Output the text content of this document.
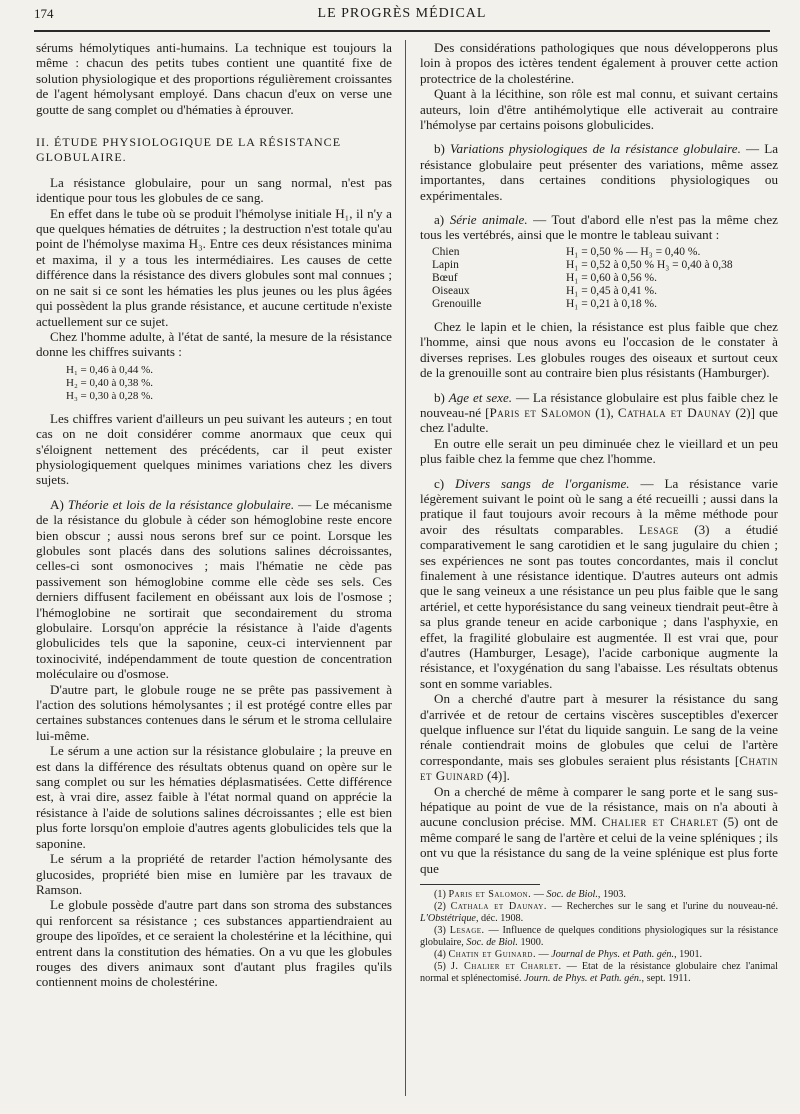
174	LE PROGRÈS MÉDICAL

sérums hémolytiques anti-humains. La technique est toujours la même : chacun des petits tubes contient une quantité fixe de solution physiologique et des proportions régulièrement croissantes de l'agent hémolysant employé. Dans chacun d'eux on verse une goutte de sang complet ou d'hématies à éprouver.

II. ÉTUDE PHYSIOLOGIQUE DE LA RÉSISTANCE GLOBULAIRE.

La résistance globulaire, pour un sang normal, n'est pas identique pour tous les globules de ce sang.

En effet dans le tube où se produit l'hémolyse initiale H₁, il n'y a que quelques hématies de détruites ; la destruction n'est totale qu'au point de l'hémolyse maxima H₃. Entre ces deux résistances minima et maxima, il y a tous les intermédiaires. Les causes de cette différence dans la résistance des divers globules sont mal connues ; on ne sait si ce sont les hématies les plus jeunes ou les plus âgées qui possèdent la plus grande résistance, et aucune certitude n'existe actuellement sur ce sujet.

Chez l'homme adulte, à l'état de santé, la mesure de la résistance donne les chiffres suivants :

H₁ = 0,46 à 0,44 %.
H₂ = 0,40 à 0,38 %.
H₃ = 0,30 à 0,28 %.

Les chiffres varient d'ailleurs un peu suivant les auteurs ; en tout cas on ne doit considérer comme anormaux que ceux qui s'éloignent nettement des précédents, car il peut exister physiologiquement quelques minimes variations chez les divers sujets.

A) Théorie et lois de la résistance globulaire. — Le mécanisme de la résistance du globule à céder son hémoglobine reste encore bien obscur ; aussi nous serons bref sur ce point. Lorsque les globules sont placés dans des solutions salines décroissantes, celles-ci sont osmonocives ; mais l'hématie ne cède pas passivement son hémoglobine comme elle cède ses sels. Ces derniers diffusent facilement en obéissant aux lois de l'osmose ; l'hémoglobine ne sortirait que secondairement du stroma globulaire. Lorsqu'on apprécie la résistance à l'aide d'agents globulicides tels que la saponine, ceux-ci interviennent par toxinocivité, indépendamment de toute question de concentration moléculaire ou d'osmose.

D'autre part, le globule rouge ne se prête pas passivement à l'action des solutions hémolysantes ; il est protégé contre elles par certaines substances contenues dans le sérum et le stroma cellulaire lui-même.

Le sérum a une action sur la résistance globulaire ; la preuve en est dans la différence des résultats obtenus quand on opère sur le sang complet ou sur les hématies déplasmatisées. Cette différence est, à vrai dire, assez faible à l'état normal quand on apprécie la résistance à l'aide de solutions salines décroissantes ; elle est bien plus forte lorsqu'on emploie d'autres agents globulicides tels que la saponine.

Le sérum a la propriété de retarder l'action hémolysante des glucosides, propriété bien mise en lumière par les travaux de Ramson.

Le globule possède d'autre part dans son stroma des substances qui renforcent sa résistance ; ces substances appartiendraient au groupe des lipoïdes, et ce seraient la cholestérine et la lécithine, qui entrent dans la constitution des hématies. On a vu que les globules rouges des divers animaux sont d'autant plus fragiles qu'ils contiennent moins de cholestérine.

Des considérations pathologiques que nous développerons plus loin à propos des ictères tendent également à prouver cette action protectrice de la cholestérine.

Quant à la lécithine, son rôle est mal connu, et suivant certains auteurs, loin d'être antihémolytique elle activerait au contraire l'hémolyse par certains poisons globulicides.

b) Variations physiologiques de la résistance globulaire. — La résistance globulaire peut présenter des variations, même assez importantes, dans certaines conditions physiologiques ou expérimentales.

a) Série animale. — Tout d'abord elle n'est pas la même chez tous les vertébrés, ainsi que le montre le tableau suivant :

Chien	H₁ = 0,50 % — H₃ = 0,40 %.
Lapin	H₁ = 0,52 à 0,50 % H₃ = 0,40 à 0,38
Bœuf	H₁ = 0,60 à 0,56 %.
Oiseaux	H₁ = 0,45 à 0,41 %.
Grenouille	H₁ = 0,21 à 0,18 %.

Chez le lapin et le chien, la résistance est plus faible que chez l'homme, ainsi que nous avons eu l'occasion de le constater à diverses reprises. Les globules rouges des oiseaux et surtout ceux de la grenouille sont au contraire bien plus résistants (Hamburger).

b) Age et sexe. — La résistance globulaire est plus faible chez le nouveau-né [Paris et Salomon (1), Cathala et Daunay (2)] que chez l'adulte.

En outre elle serait un peu diminuée chez le vieillard et un peu plus faible chez la femme que chez l'homme.

c) Divers sangs de l'organisme. — La résistance varie légèrement suivant le point où le sang a été recueilli ; aussi dans la pratique il faut toujours avoir recours à la même méthode pour avoir des résultats comparables. Lesage (3) a étudié comparativement le sang carotidien et le sang jugulaire du chien ; ses expériences ne sont pas toutes concordantes, mais il conclut finalement à une résistance identique. D'autres auteurs ont admis que le sang veineux a une résistance un peu plus faible que le sang artériel, et cette hyporésistance du sang veineux tiendrait peut-être à sa plus grande teneur en acide carbonique ; dans l'asphyxie, en effet, la fragilité globulaire est augmentée. Il est vrai que, pour d'autres (Hamburger, Lesage), l'acide carbonique augmente la résistance, et l'oxygénation du sang l'abaisse. Les résultats obtenus sont en somme variables.

On a cherché d'autre part à mesurer la résistance du sang d'arrivée et de retour de certains viscères susceptibles d'exercer quelque influence sur l'état du liquide sanguin. Le sang de la veine rénale contiendrait moins de globules que celui de l'artère correspondante, mais ses globules seraient plus résistants [Chatin et Guinard (4)].

On a cherché de même à comparer le sang porte et le sang sus-hépatique au point de vue de la résistance, mais on n'a abouti à aucune conclusion précise. MM. Chalier et Charlet (5) ont de même comparé le sang de l'artère et celui de la veine spléniques ; ils ont vu que la résistance du sang de la veine splénique est plus forte que

(1) Paris et Salomon. — Soc. de Biol., 1903.

(2) Cathala et Daunay. — Recherches sur le sang et l'urine du nouveau-né. L'Obstétrique, déc. 1908.

(3) Lesage. — Influence de quelques conditions physiologiques sur la résistance globulaire, Soc. de Biol. 1900.

(4) Chatin et Guinard. — Journal de Phys. et Path. gén., 1901.

(5) J. Chalier et Charlet. — Etat de la résistance globulaire chez l'animal normal et splénectomisé. Journ. de Phys. et Path. gén., sept. 1911.
